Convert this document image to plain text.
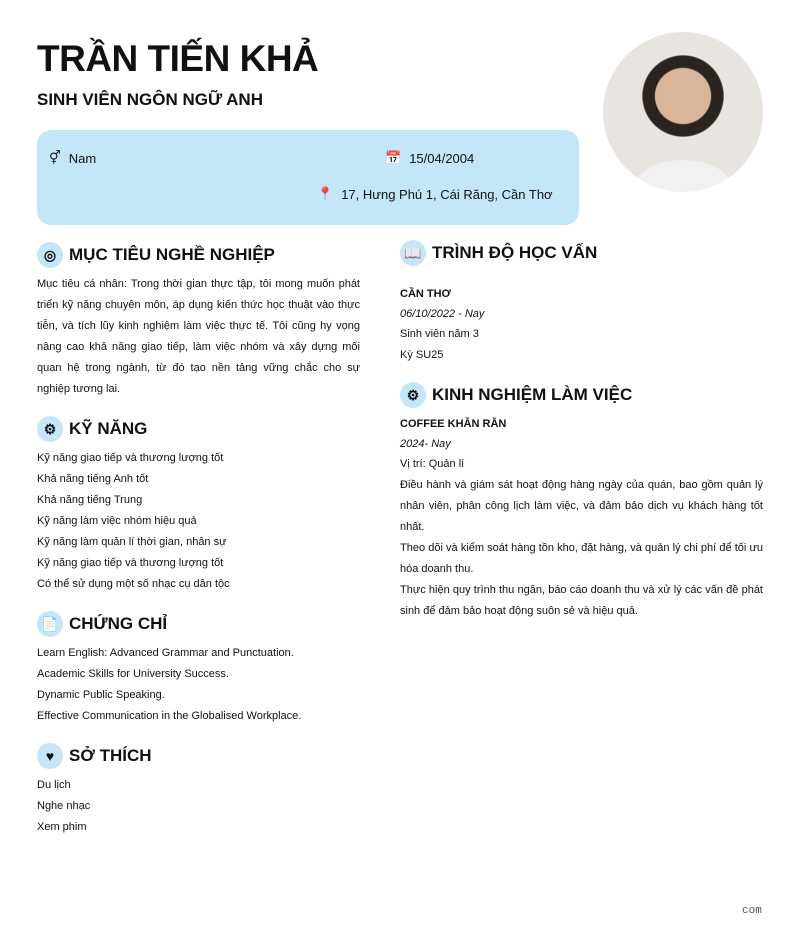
TRẦN TIẾN KHẢ
SINH VIÊN NGÔN NGỮ ANH
⚥ Nam	📅 15/04/2004
📍 17, Hưng Phú 1, Cái Răng, Cần Thơ
◎ MỤC TIÊU NGHỀ NGHIỆP
Mục tiêu cá nhân: Trong thời gian thực tập, tôi mong muốn phát triển kỹ năng chuyên môn, áp dụng kiến thức học thuật vào thực tiễn, và tích lũy kinh nghiệm làm việc thực tế. Tôi cũng hy vọng nâng cao khả năng giao tiếp, làm việc nhóm và xây dựng mối quan hệ trong ngành, từ đó tạo nền tảng vững chắc cho sự nghiệp tương lai.
⚙ KỸ NĂNG
Kỹ năng giao tiếp và thương lượng tốt
Khả năng tiếng Anh tốt
Khả năng tiếng Trung
Kỹ năng làm việc nhóm hiệu quả
Kỹ năng làm quản lí thời gian, nhân sự
Kỹ năng giao tiếp và thương lượng tốt
Có thể sử dụng một số nhạc cụ dân tộc
📄 CHỨNG CHỈ
Learn English: Advanced Grammar and Punctuation.
Academic Skills for University Success.
Dynamic Public Speaking.
Effective Communication in the Globalised Workplace.
♥ SỞ THÍCH
Du lịch
Nghe nhạc
Xem phim
📖 TRÌNH ĐỘ HỌC VẤN
CẦN THƠ
06/10/2022 - Nay
Sinh viên năm 3
Kỳ SU25
⚙ KINH NGHIỆM LÀM VIỆC
COFFEE KHĂN RẰN
2024- Nay
Vị trí: Quản lí
Điều hành và giám sát hoạt động hàng ngày của quán, bao gồm quản lý nhân viên, phân công lịch làm việc, và đảm bảo dịch vụ khách hàng tốt nhất.
Theo dõi và kiểm soát hàng tồn kho, đặt hàng, và quản lý chi phí để tối ưu hóa doanh thu.
Thực hiện quy trình thu ngân, báo cáo doanh thu và xử lý các vấn đề phát sinh để đảm bảo hoạt động suôn sẻ và hiệu quả.
com
